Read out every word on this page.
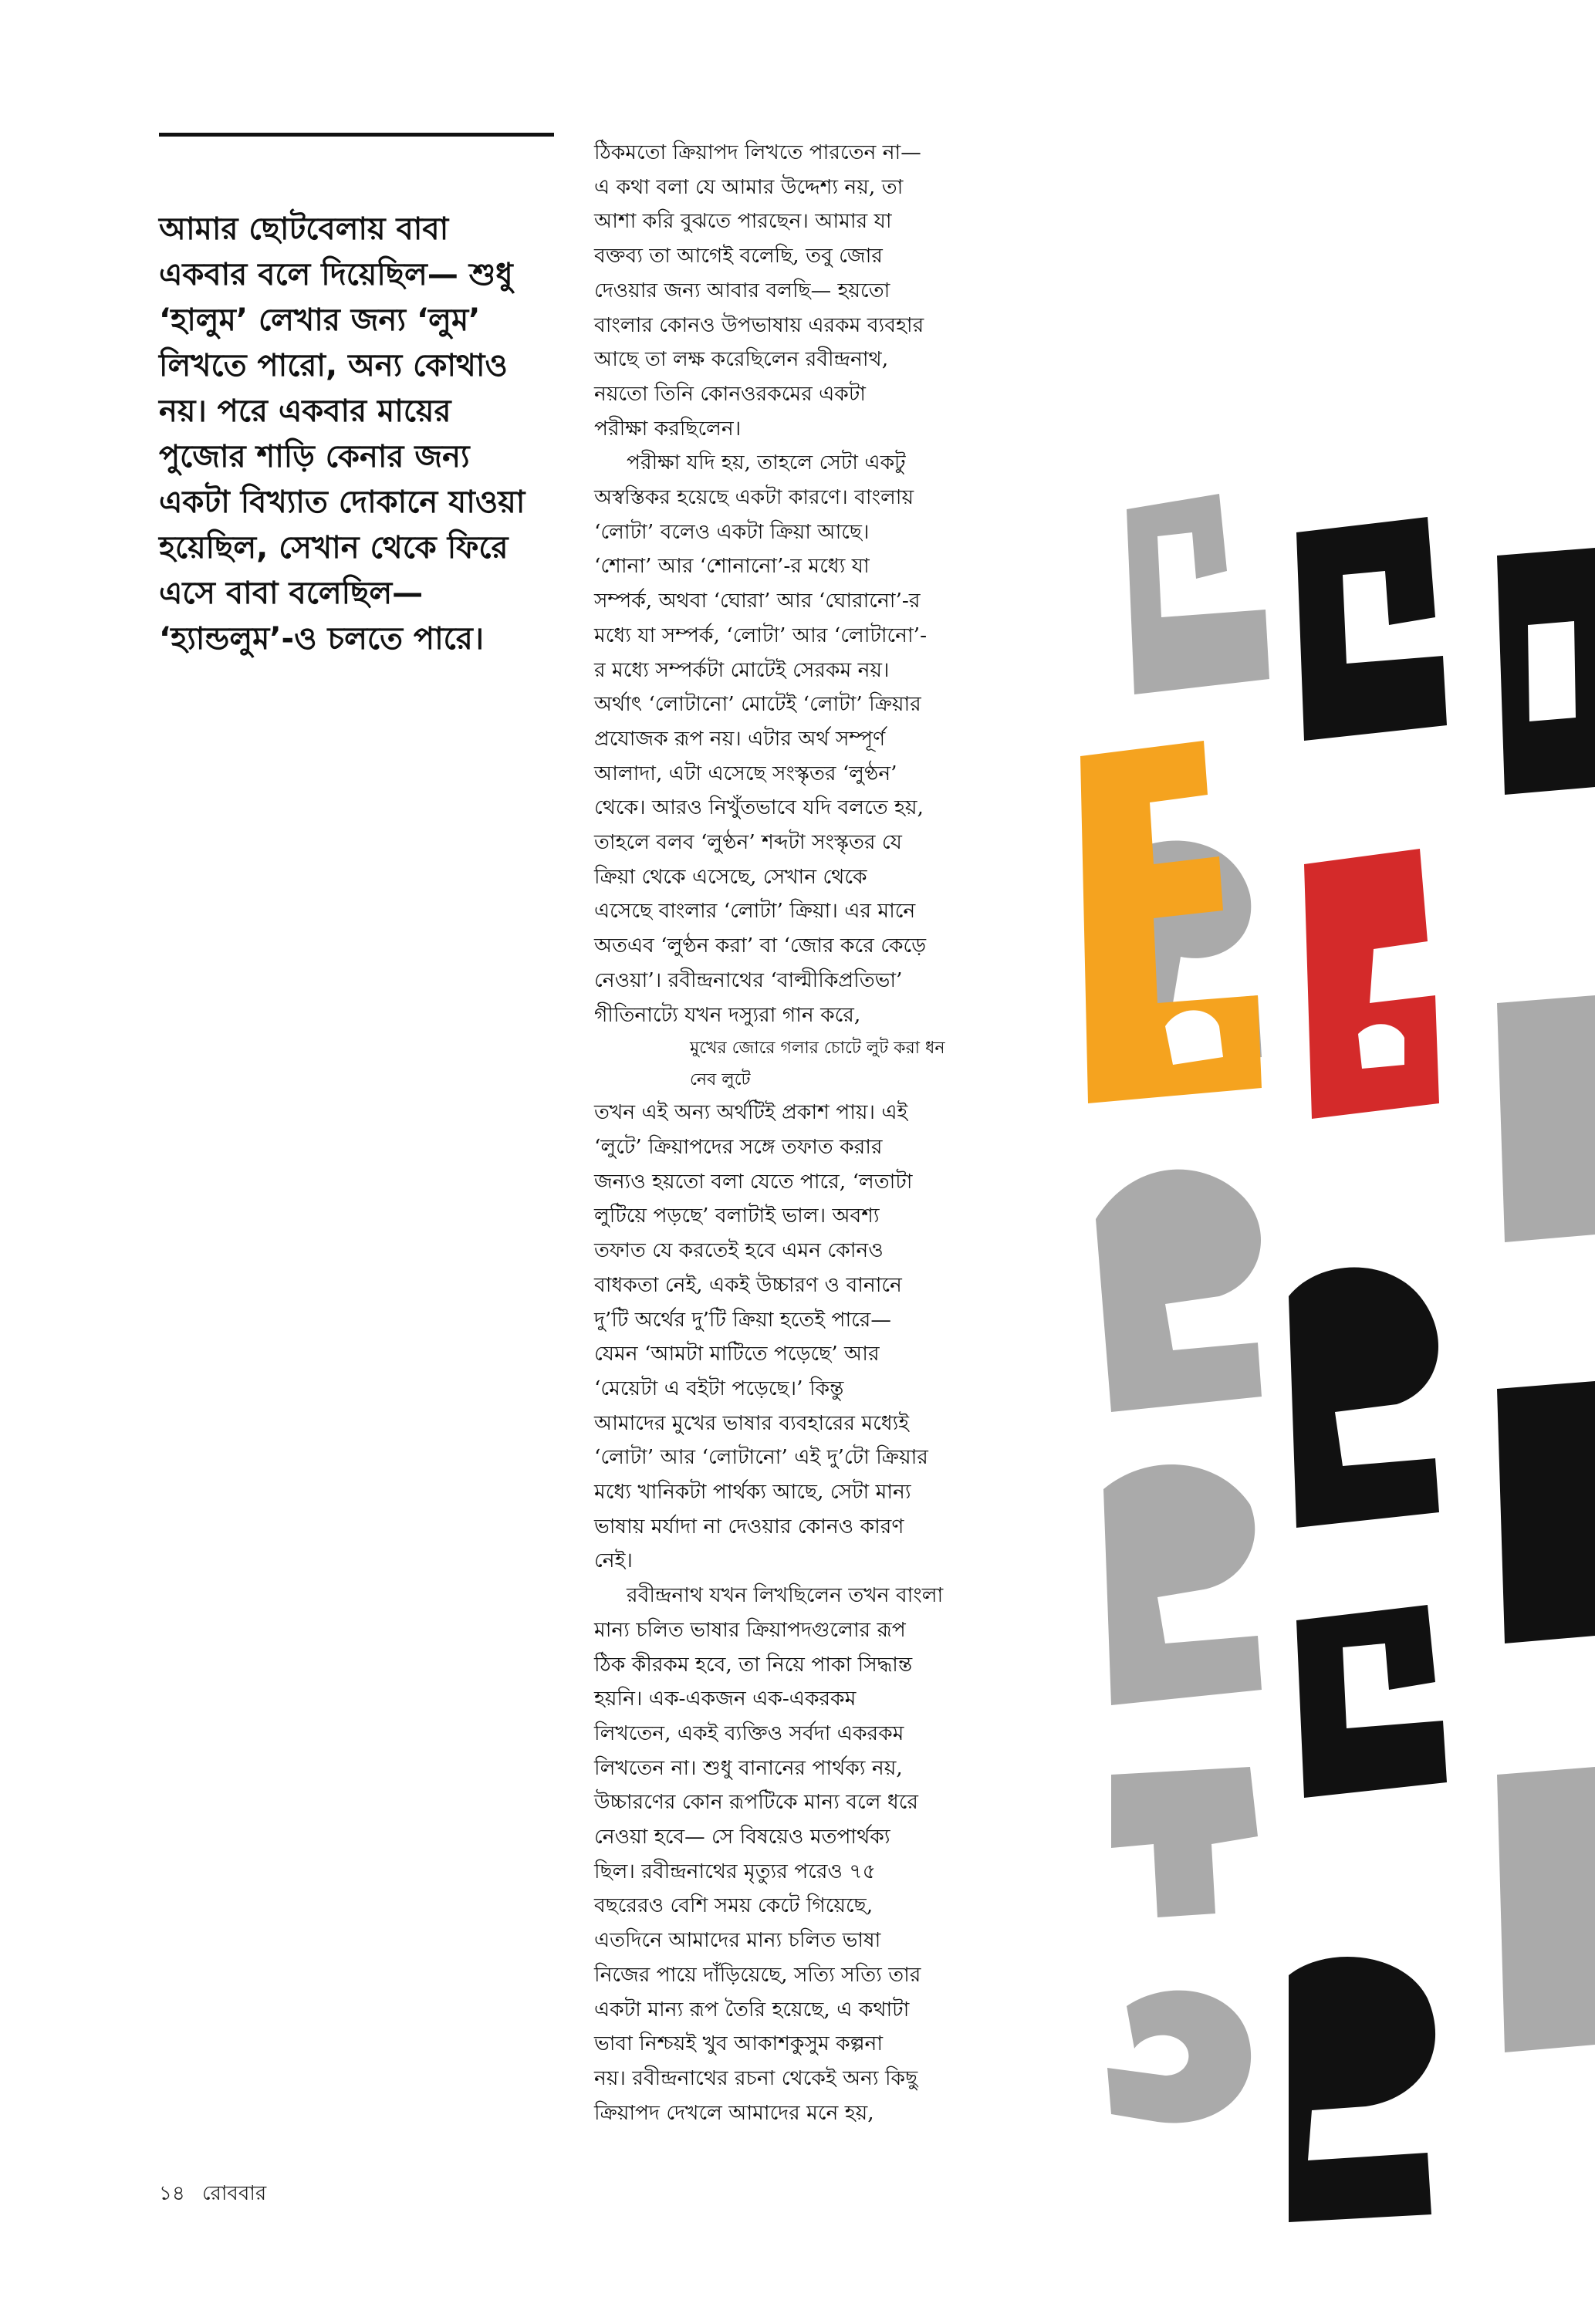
আমার ছোটবেলায় বাবা
একবার বলে দিয়েছিল— শুধু
‘হালুম’ লেখার জন্য ‘লুম’
লিখতে পারো, অন্য কোথাও
নয়। পরে একবার মায়ের
পুজোর শাড়ি কেনার জন্য
একটা বিখ্যাত দোকানে যাওয়া
হয়েছিল, সেখান থেকে ফিরে
এসে বাবা বলেছিল—
‘হ্যান্ডলুম’-ও চলতে পারে।
ঠিকমতো ক্রিয়াপদ লিখতে পারতেন না—
এ কথা বলা যে আমার উদ্দেশ্য নয়, তা
আশা করি বুঝতে পারছেন। আমার যা
বক্তব্য তা আগেই বলেছি, তবু জোর
দেওয়ার জন্য আবার বলছি— হয়তো
বাংলার কোনও উপভাষায় এরকম ব্যবহার
আছে তা লক্ষ করেছিলেন রবীন্দ্রনাথ,
নয়তো তিনি কোনওরকমের একটা
পরীক্ষা করছিলেন।
পরীক্ষা যদি হয়, তাহলে সেটা একটু
অস্বস্তিকর হয়েছে একটা কারণে। বাংলায়
‘লোটা’ বলেও একটা ক্রিয়া আছে।
‘শোনা’ আর ‘শোনানো’-র মধ্যে যা
সম্পর্ক, অথবা ‘ঘোরা’ আর ‘ঘোরানো’-র
মধ্যে যা সম্পর্ক, ‘লোটা’ আর ‘লোটানো’-
র মধ্যে সম্পর্কটা মোটেই সেরকম নয়।
অর্থাৎ ‘লোটানো’ মোটেই ‘লোটা’ ক্রিয়ার
প্রযোজক রূপ নয়। এটার অর্থ সম্পূর্ণ
আলাদা, এটা এসেছে সংস্কৃতর ‘লুণ্ঠন’
থেকে। আরও নিখুঁতভাবে যদি বলতে হয়,
তাহলে বলব ‘লুণ্ঠন’ শব্দটা সংস্কৃতর যে
ক্রিয়া থেকে এসেছে, সেখান থেকে
এসেছে বাংলার ‘লোটা’ ক্রিয়া। এর মানে
অতএব ‘লুণ্ঠন করা’ বা ‘জোর করে কেড়ে
নেওয়া’। রবীন্দ্রনাথের ‘বাল্মীকিপ্রতিভা’
গীতিনাট্যে যখন দস্যুরা গান করে,
মুখের জোরে গলার চোটে লুট করা ধন
নেব লুটে
তখন এই অন্য অর্থটিই প্রকাশ পায়। এই
‘লুটে’ ক্রিয়াপদের সঙ্গে তফাত করার
জন্যও হয়তো বলা যেতে পারে, ‘লতাটা
লুটিয়ে পড়ছে’ বলাটাই ভাল। অবশ্য
তফাত যে করতেই হবে এমন কোনও
বাধকতা নেই, একই উচ্চারণ ও বানানে
দু’টি অর্থের দু’টি ক্রিয়া হতেই পারে—
যেমন ‘আমটা মাটিতে পড়েছে’ আর
‘মেয়েটা এ বইটা পড়েছে।’ কিন্তু
আমাদের মুখের ভাষার ব্যবহারের মধ্যেই
‘লোটা’ আর ‘লোটানো’ এই দু’টো ক্রিয়ার
মধ্যে খানিকটা পার্থক্য আছে, সেটা মান্য
ভাষায় মর্যাদা না দেওয়ার কোনও কারণ
নেই।
রবীন্দ্রনাথ যখন লিখছিলেন তখন বাংলা
মান্য চলিত ভাষার ক্রিয়াপদগুলোর রূপ
ঠিক কীরকম হবে, তা নিয়ে পাকা সিদ্ধান্ত
হয়নি। এক-একজন এক-একরকম
লিখতেন, একই ব্যক্তিও সর্বদা একরকম
লিখতেন না। শুধু বানানের পার্থক্য নয়,
উচ্চারণের কোন রূপটিকে মান্য বলে ধরে
নেওয়া হবে— সে বিষয়েও মতপার্থক্য
ছিল। রবীন্দ্রনাথের মৃত্যুর পরেও ৭৫
বছরেরও বেশি সময় কেটে গিয়েছে,
এতদিনে আমাদের মান্য চলিত ভাষা
নিজের পায়ে দাঁড়িয়েছে, সত্যি সত্যি তার
একটা মান্য রূপ তৈরি হয়েছে, এ কথাটা
ভাবা নিশ্চয়ই খুব আকাশকুসুম কল্পনা
নয়। রবীন্দ্রনাথের রচনা থেকেই অন্য কিছু
ক্রিয়াপদ দেখলে আমাদের মনে হয়,
১৪ রোববার
